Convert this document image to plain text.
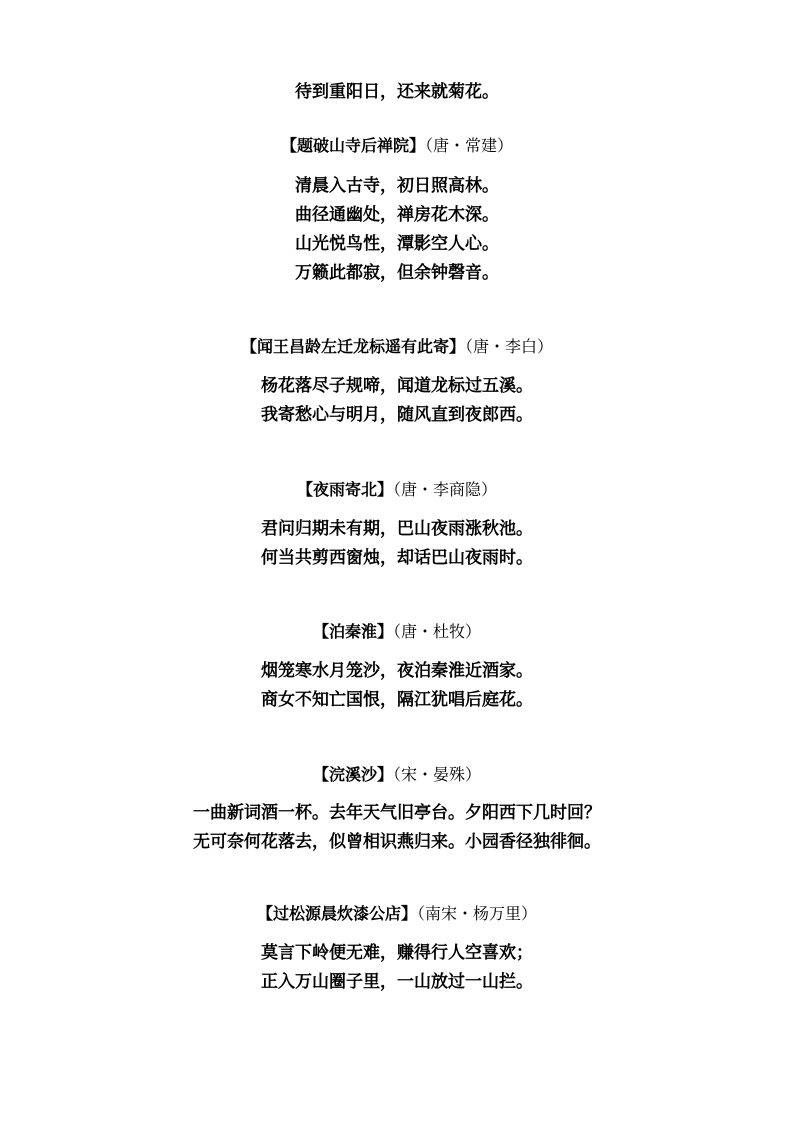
待到重阳日，还来就菊花。
【题破山寺后禅院】（唐・常建）
清晨入古寺，初日照高林。
曲径通幽处，禅房花木深。
山光悦鸟性，潭影空人心。
万籁此都寂，但余钟磬音。
【闻王昌龄左迁龙标遥有此寄】（唐・李白）
杨花落尽子规啼，闻道龙标过五溪。
我寄愁心与明月，随风直到夜郎西。
【夜雨寄北】（唐・李商隐）
君问归期未有期，巴山夜雨涨秋池。
何当共剪西窗烛，却话巴山夜雨时。
【泊秦淮】（唐・杜牧）
烟笼寒水月笼沙，夜泊秦淮近酒家。
商女不知亡国恨，隔江犹唱后庭花。
【浣溪沙】（宋・晏殊）
一曲新词酒一杯。去年天气旧亭台。夕阳西下几时回？
无可奈何花落去，似曾相识燕归来。小园香径独徘徊。
【过松源晨炊漆公店】（南宋・杨万里）
莫言下岭便无难，赚得行人空喜欢；
正入万山圈子里，一山放过一山拦。
